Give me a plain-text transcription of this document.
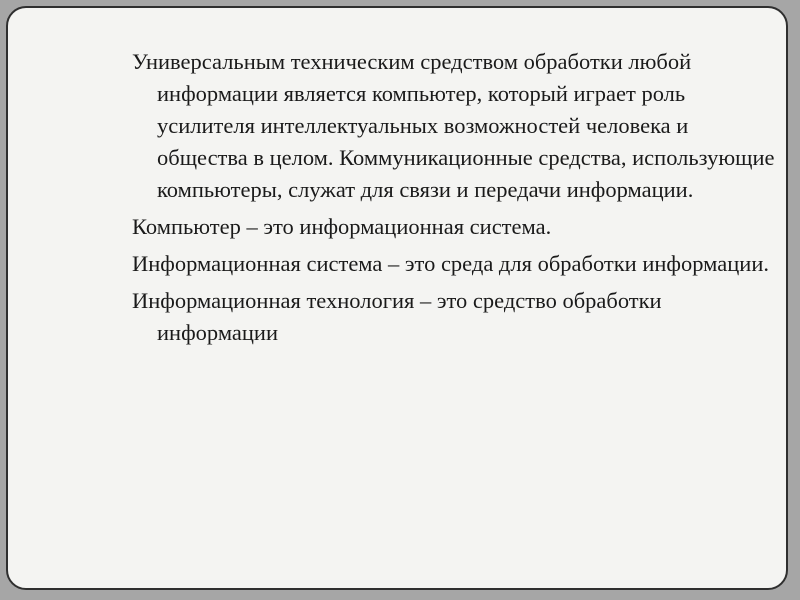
Универсальным техническим средством обработки любой информации является компьютер, который играет роль усилителя интеллектуальных возможностей человека и общества в целом. Коммуникационные средства, использующие компьютеры, служат для связи и передачи информации.

Компьютер – это информационная система.

Информационная система – это среда для обработки информации.

Информационная технология – это средство обработки информации
